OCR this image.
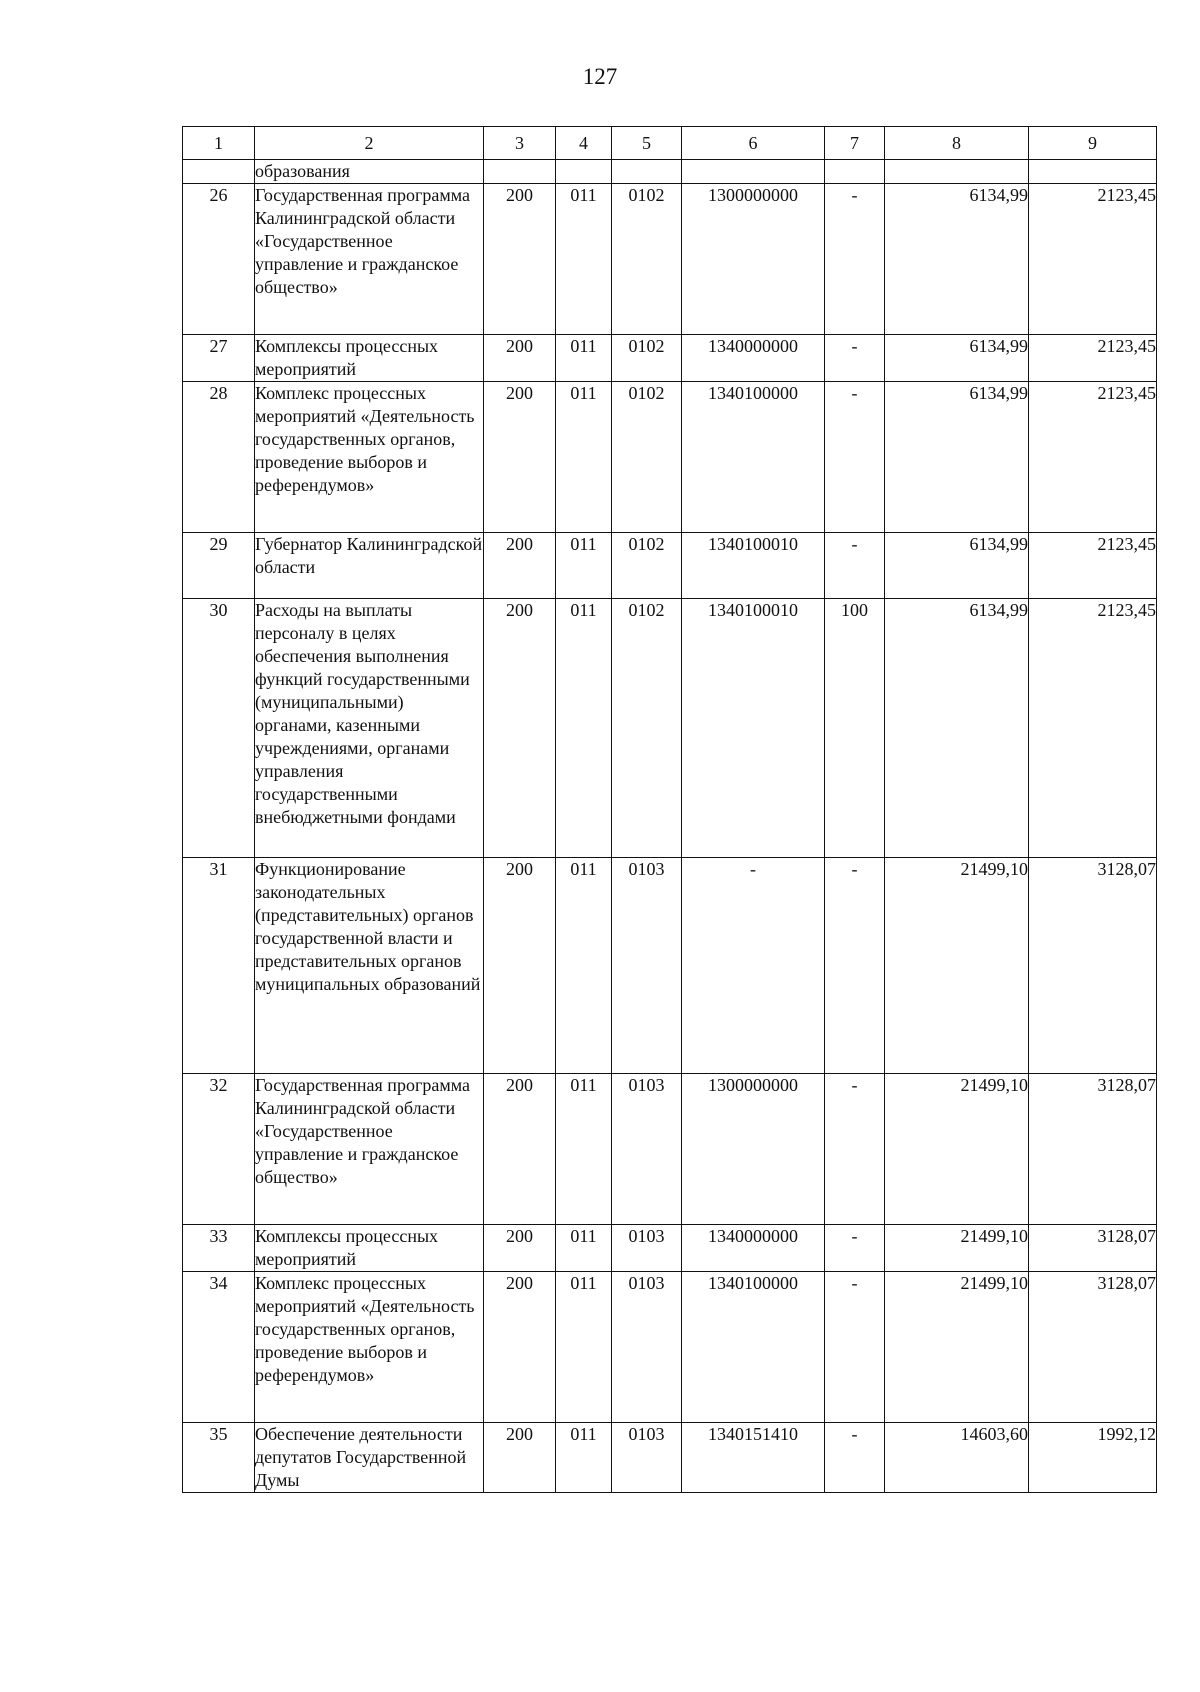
127
1	2	3	4	5	6	7	8	9
	образования							
26	Государственная программа Калининградской области «Государственное управление и гражданское общество»	200	011	0102	1300000000	-	6134,99	2123,45
27	Комплексы процессных мероприятий	200	011	0102	1340000000	-	6134,99	2123,45
28	Комплекс процессных мероприятий «Деятельность государственных органов, проведение выборов и референдумов»	200	011	0102	1340100000	-	6134,99	2123,45
29	Губернатор Калининградской области	200	011	0102	1340100010	-	6134,99	2123,45
30	Расходы на выплаты персоналу в целях обеспечения выполнения функций государственными (муниципальными) органами, казенными учреждениями, органами управления государственными внебюджетными фондами	200	011	0102	1340100010	100	6134,99	2123,45
31	Функционирование законодательных (представительных) органов государственной власти и представительных органов муниципальных образований	200	011	0103	-	-	21499,10	3128,07
32	Государственная программа Калининградской области «Государственное управление и гражданское общество»	200	011	0103	1300000000	-	21499,10	3128,07
33	Комплексы процессных мероприятий	200	011	0103	1340000000	-	21499,10	3128,07
34	Комплекс процессных мероприятий «Деятельность государственных органов, проведение выборов и референдумов»	200	011	0103	1340100000	-	21499,10	3128,07
35	Обеспечение деятельности депутатов Государственной Думы	200	011	0103	1340151410	-	14603,60	1992,12
